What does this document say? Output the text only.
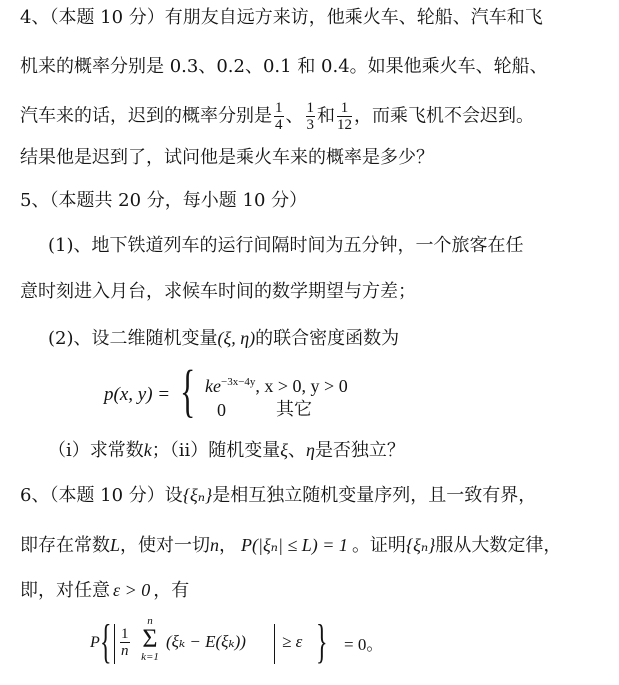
4、（本题 10 分）有朋友自远方来访，他乘火车、轮船、汽车和飞
机来的概率分别是 0.3、0.2、0.1 和 0.4。如果他乘火车、轮船、
汽车来的话，迟到的概率分别是 $\frac{1}{4}$ 、 $\frac{1}{3}$ 和 $\frac{1}{12}$ ，而乘飞机不会迟到。
结果他是迟到了，试问他是乘火车来的概率是多少？
5、（本题共 20 分，每小题 10 分）
(1)、地下铁道列车的运行间隔时间为五分钟，一个旅客在任
意时刻进入月台，求候车时间的数学期望与方差；
(2)、设二维随机变量(ξ, η)的联合密度函数为
p(x, y) = { $ke^{-3x-4y}$, x > 0, y > 0
0	其它
（i）求常数k；（ii）随机变量ξ、η是否独立？
6、（本题 10 分）设{ξₙ}是相互独立随机变量序列，且一致有界，
即存在常数L，使对一切n， P(|ξₙ| ≤ L) = 1 。证明{ξₙ}服从大数定律，
即，对任意 ε > 0 ，有
P { $\frac{1}{n}$
n
Σ
k=1
(ξₖ − E(ξₖ)) ≥ ε } = 0。
